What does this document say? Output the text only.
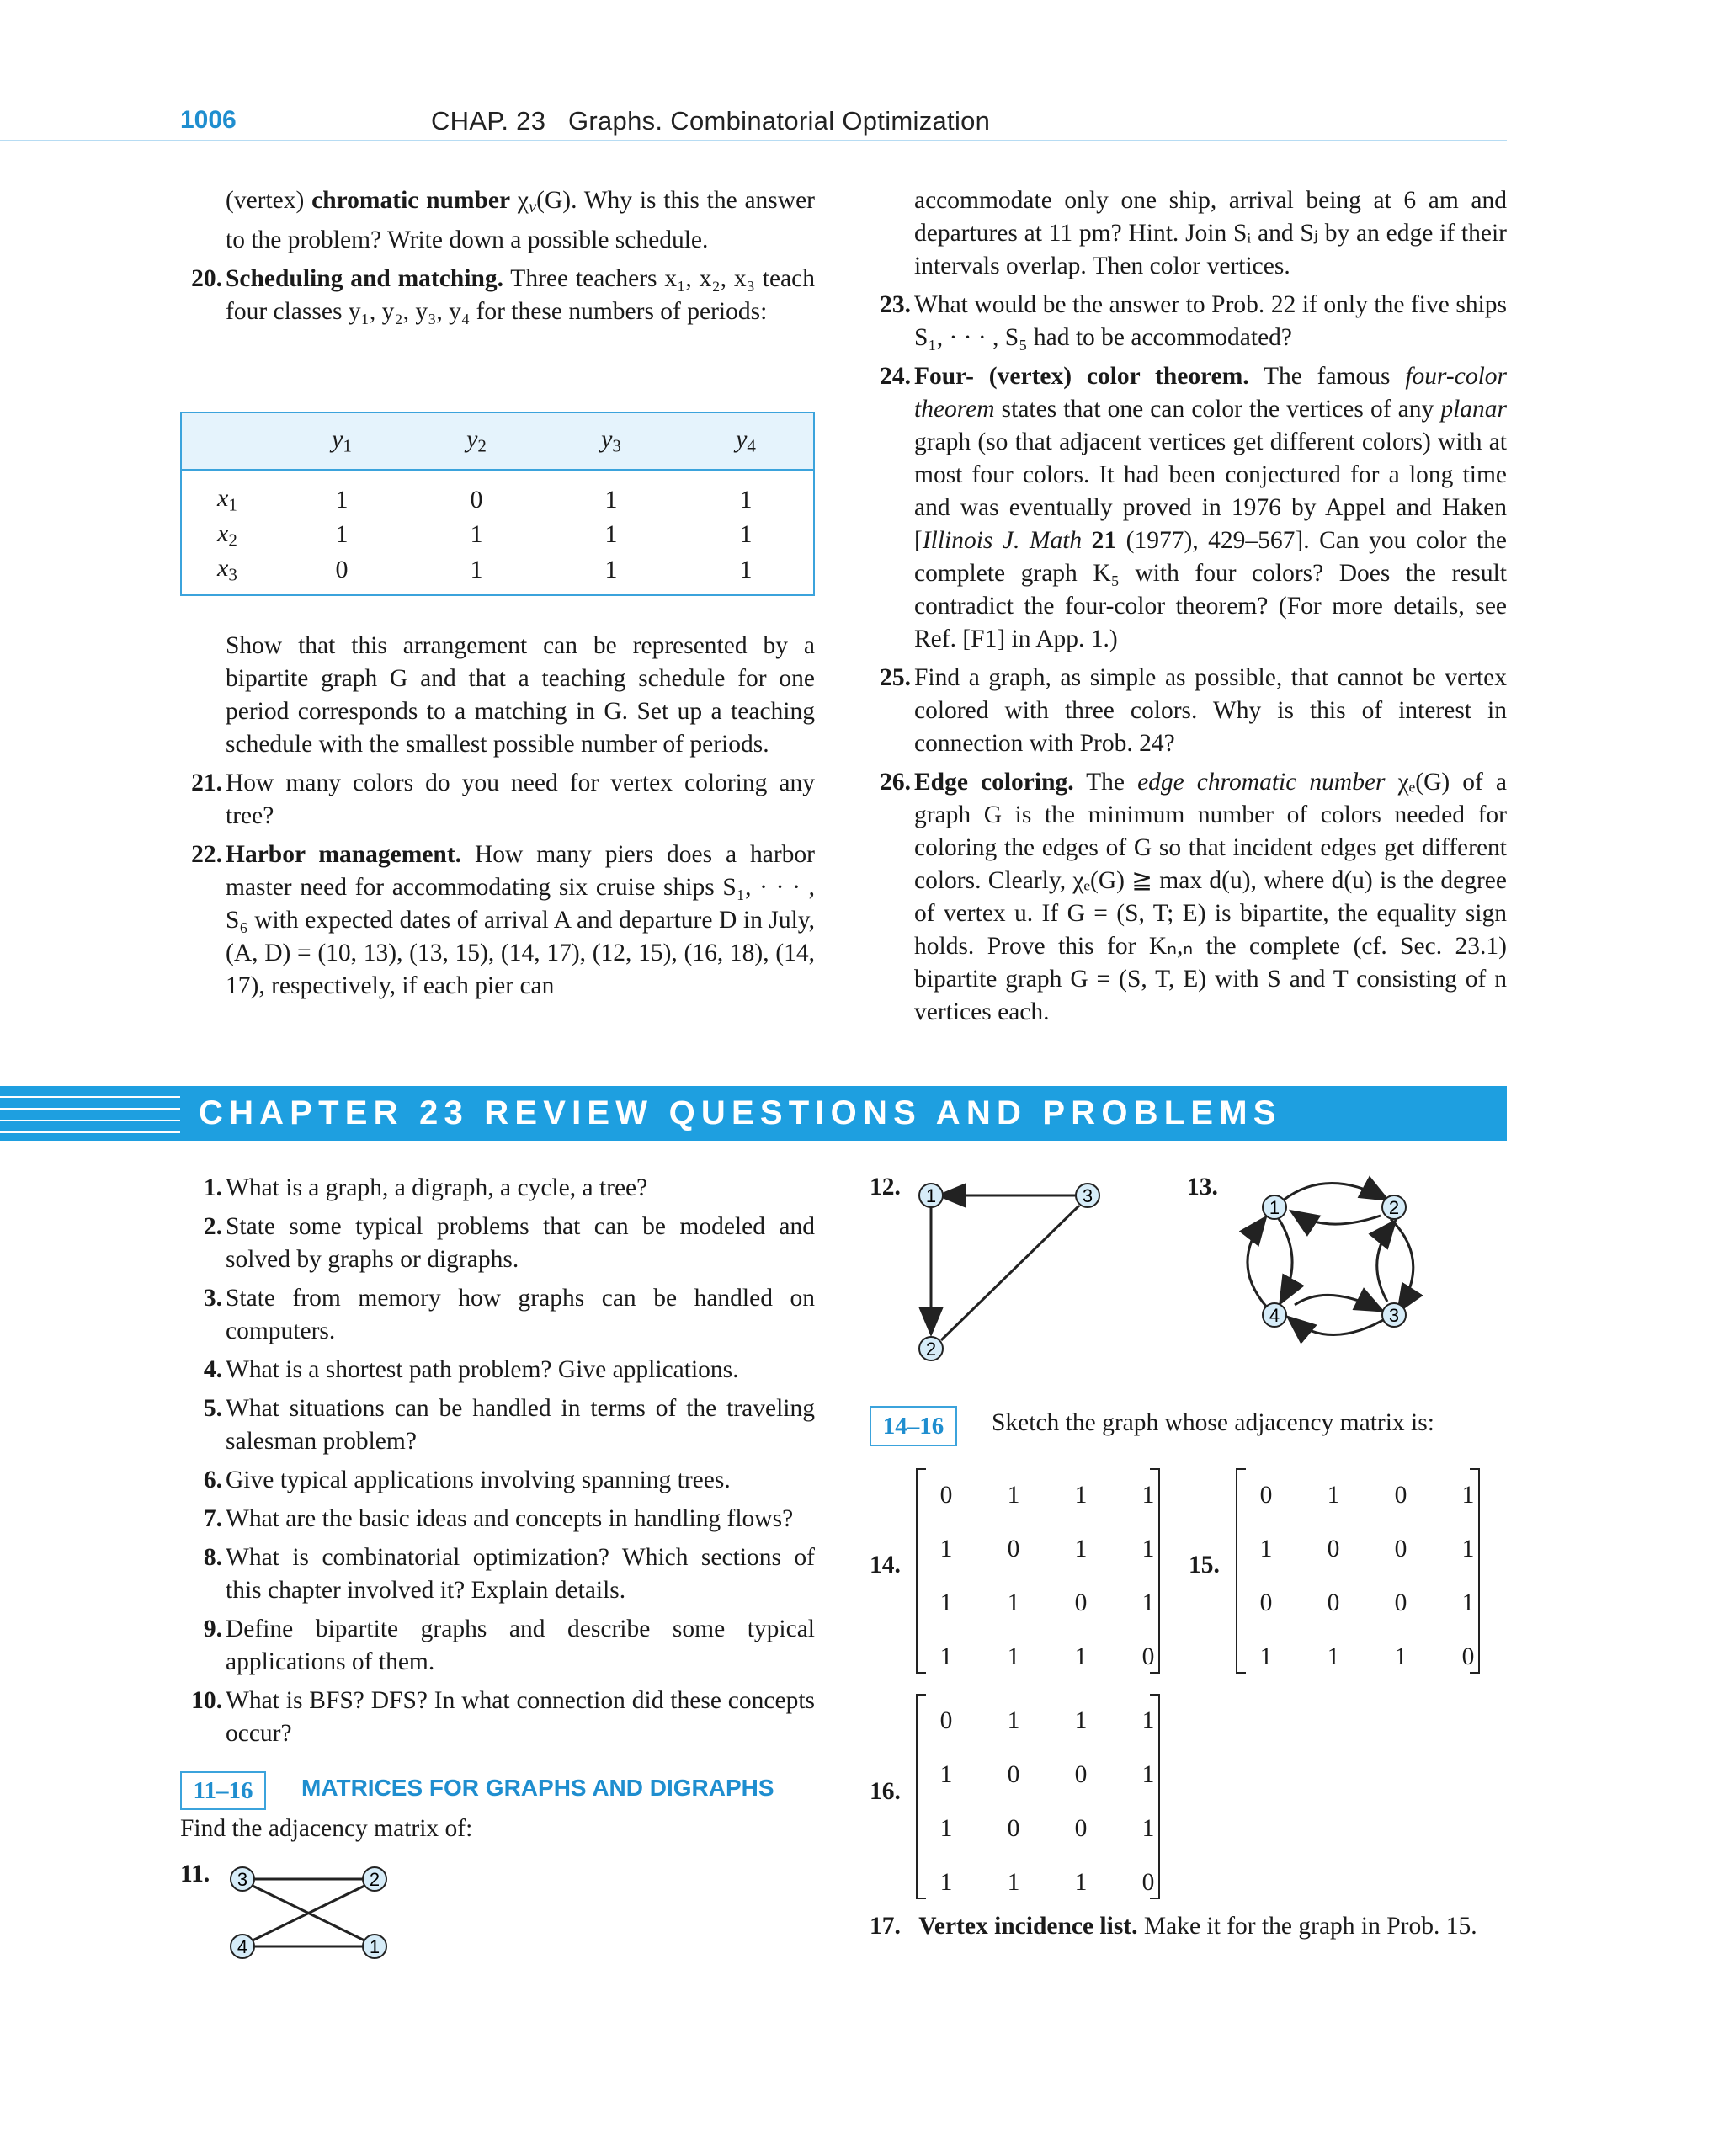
1006	CHAP. 23   Graphs. Combinatorial Optimization
(vertex) chromatic number $\chi_v(G)$. Why is this the answer to the problem? Write down a possible schedule.
20. Scheduling and matching. Three teachers x₁, x₂, x₃ teach four classes y₁, y₂, y₃, y₄ for these numbers of periods:
	$y_1$	$y_2$	$y_3$	$y_4$
$x_1$	1	0	1	1
$x_2$	1	1	1	1
$x_3$	0	1	1	1
Show that this arrangement can be represented by a bipartite graph G and that a teaching schedule for one period corresponds to a matching in G. Set up a teaching schedule with the smallest possible number of periods.
21. How many colors do you need for vertex coloring any tree?
22. Harbor management. How many piers does a harbor master need for accommodating six cruise ships S₁, · · · , S₆ with expected dates of arrival A and departure D in July, (A, D) = (10, 13), (13, 15), (14, 17), (12, 15), (16, 18), (14, 17), respectively, if each pier can
accommodate only one ship, arrival being at 6 am and departures at 11 pm? Hint. Join Sᵢ and Sⱼ by an edge if their intervals overlap. Then color vertices.
23. What would be the answer to Prob. 22 if only the five ships S₁, · · · , S₅ had to be accommodated?
24. Four- (vertex) color theorem. The famous four-color theorem states that one can color the vertices of any planar graph (so that adjacent vertices get different colors) with at most four colors. It had been conjectured for a long time and was eventually proved in 1976 by Appel and Haken [Illinois J. Math 21 (1977), 429–567]. Can you color the complete graph K₅ with four colors? Does the result contradict the four-color theorem? (For more details, see Ref. [F1] in App. 1.)
25. Find a graph, as simple as possible, that cannot be vertex colored with three colors. Why is this of interest in connection with Prob. 24?
26. Edge coloring. The edge chromatic number χₑ(G) of a graph G is the minimum number of colors needed for coloring the edges of G so that incident edges get different colors. Clearly, χₑ(G) ≧ max d(u), where d(u) is the degree of vertex u. If G = (S, T; E) is bipartite, the equality sign holds. Prove this for Kₙ,ₙ the complete (cf. Sec. 23.1) bipartite graph G = (S, T, E) with S and T consisting of n vertices each.
CHAPTER 23 REVIEW QUESTIONS AND PROBLEMS
1. What is a graph, a digraph, a cycle, a tree?
2. State some typical problems that can be modeled and solved by graphs or digraphs.
3. State from memory how graphs can be handled on computers.
4. What is a shortest path problem? Give applications.
5. What situations can be handled in terms of the traveling salesman problem?
6. Give typical applications involving spanning trees.
7. What are the basic ideas and concepts in handling flows?
8. What is combinatorial optimization? Which sections of this chapter involved it? Explain details.
9. Define bipartite graphs and describe some typical applications of them.
10. What is BFS? DFS? In what connection did these concepts occur?
11–16	MATRICES FOR GRAPHS AND DIGRAPHS
Find the adjacency matrix of:
11. 3	2
4	1
12. 1	3
2
13.
1	2
4	3
14–16	Sketch the graph whose adjacency matrix is:
14.
0	1	1	1
1	0	1	1
1	1	0	1
1	1	1	0
15.
0	1	0	1
1	0	0	1
0	0	0	1
1	1	1	0
16.
0	1	1	1
1	0	0	1
1	0	0	1
1	1	1	0
17. Vertex incidence list. Make it for the graph in Prob. 15.
